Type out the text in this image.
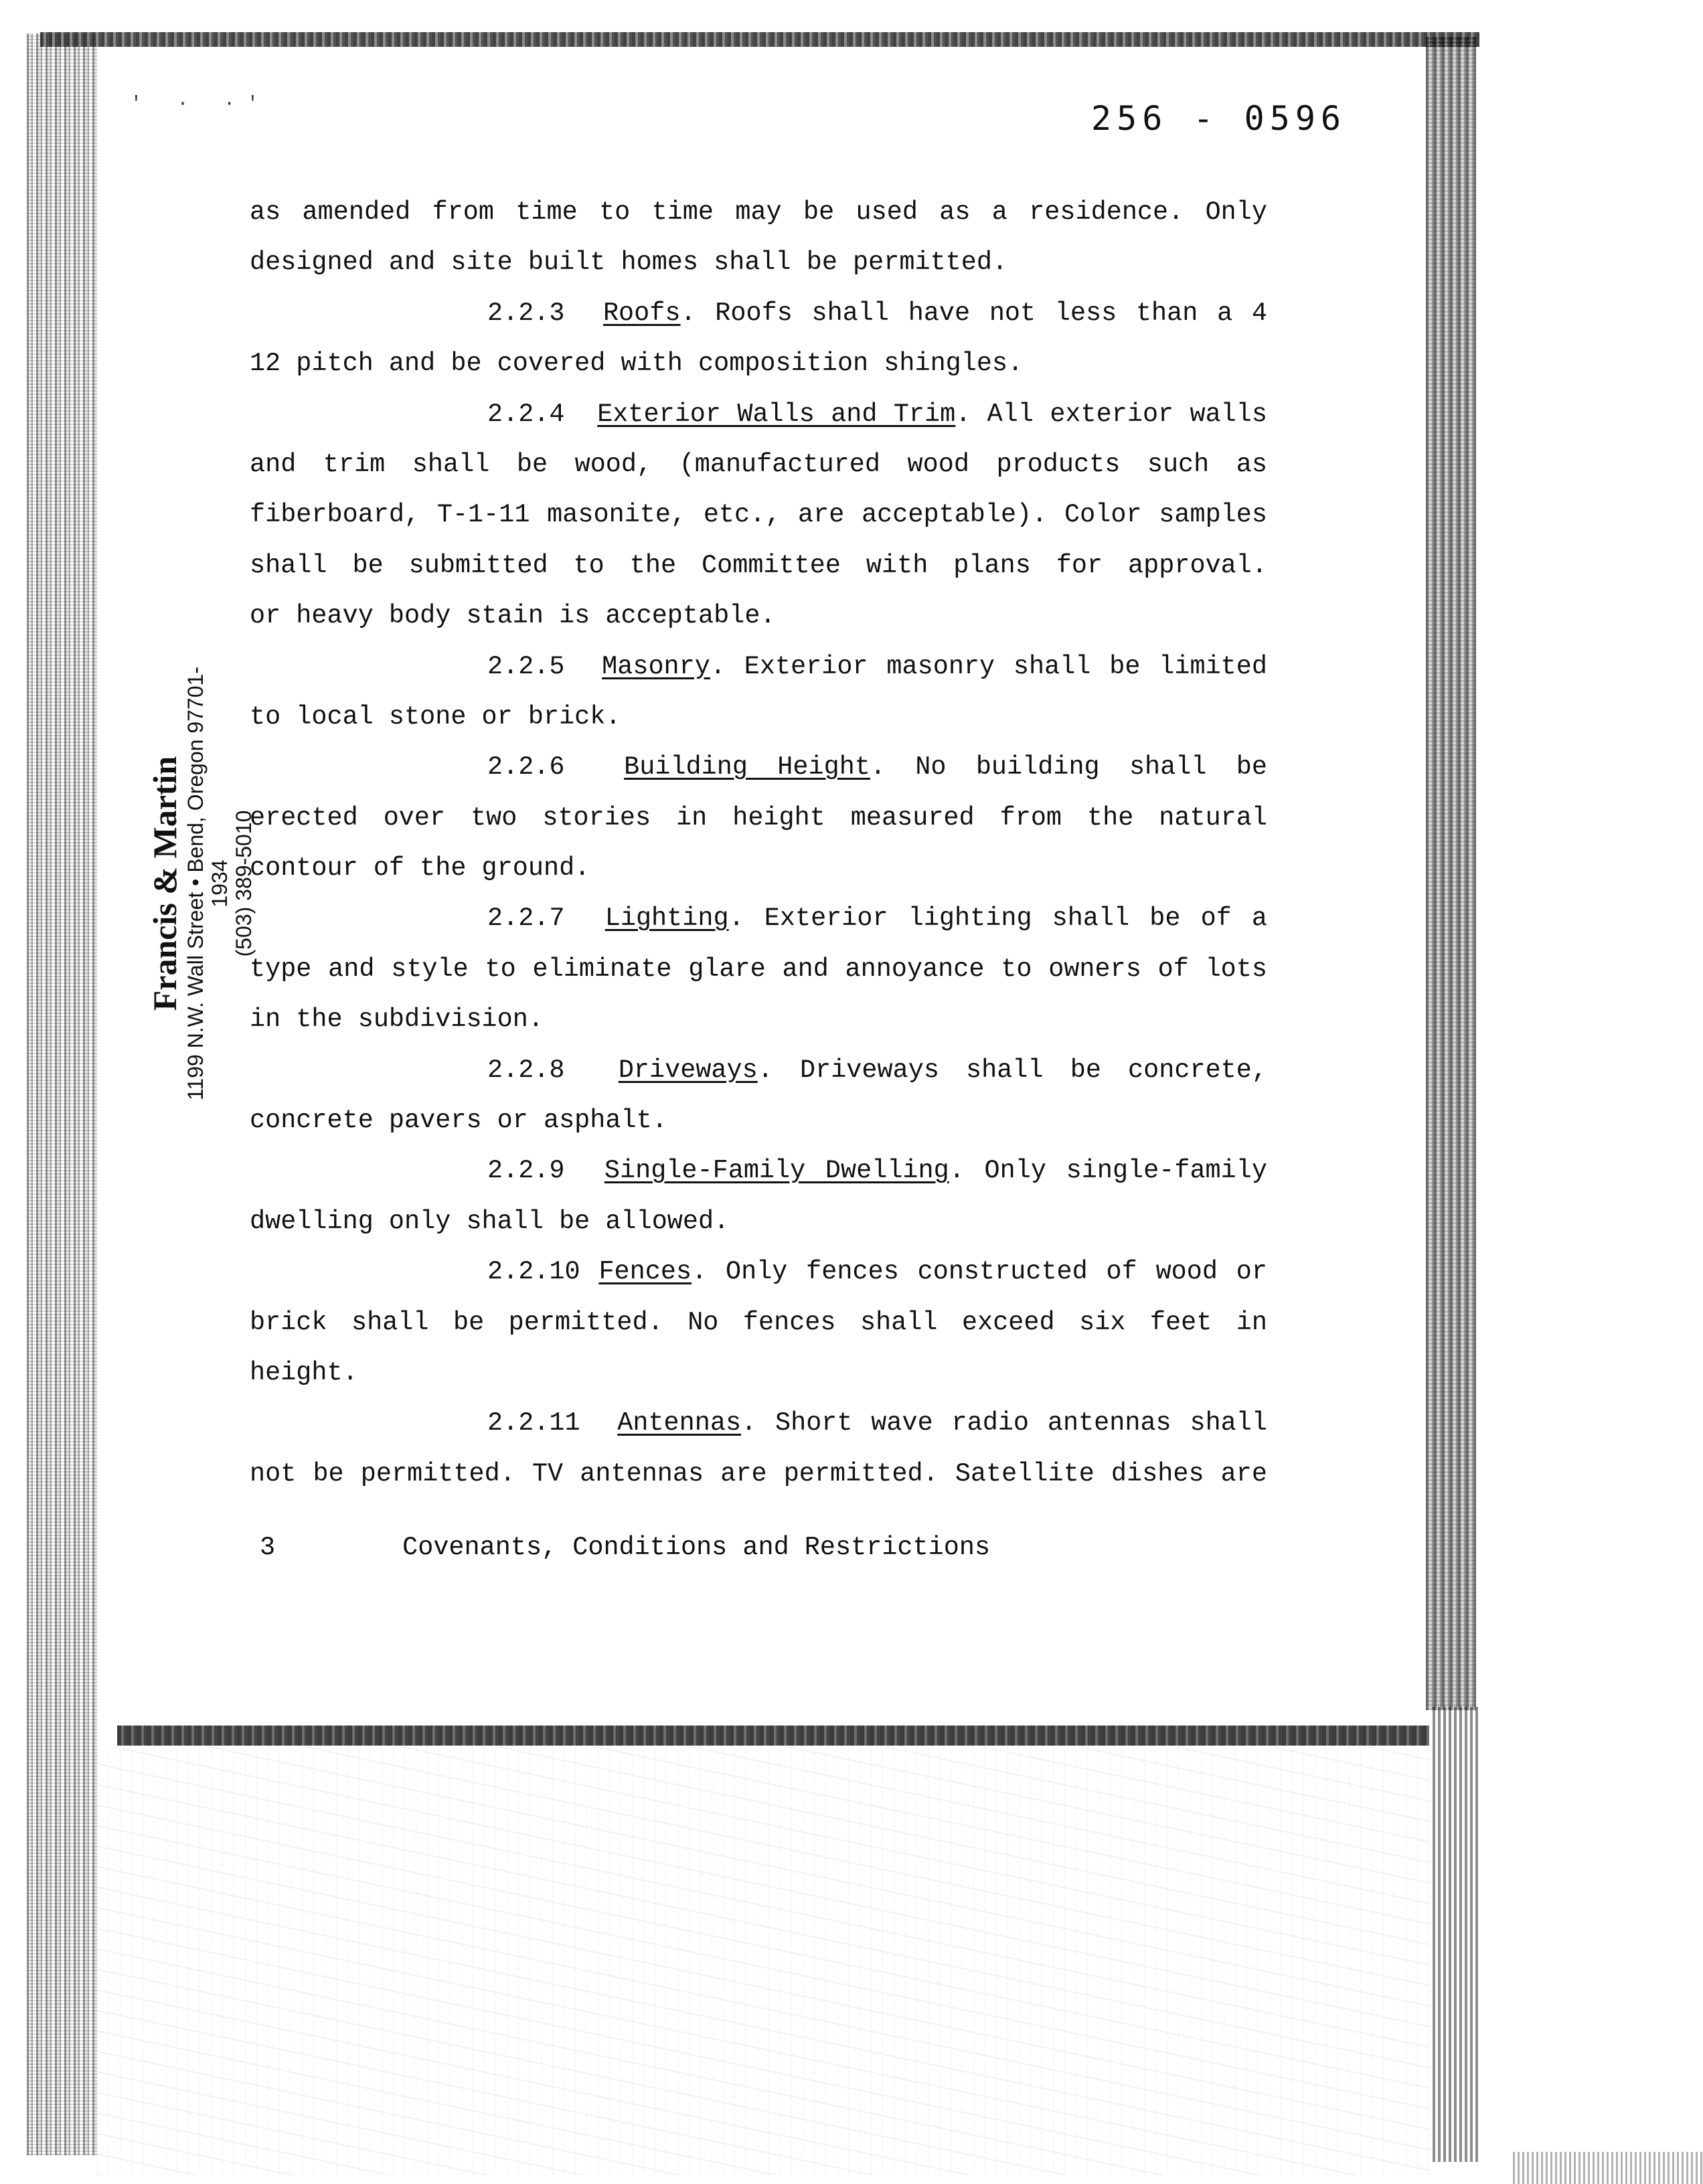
' · ·'	256 - 0596
Francis & Martin 1199 N.W. Wall Street • Bend, Oregon 97701-1934 (503) 389-5010
as amended from time to time may be used as a residence. Only
designed and site built homes shall be permitted.
2.2.3 Roofs. Roofs shall have not less than a 4
12 pitch and be covered with composition shingles.
2.2.4 Exterior Walls and Trim. All exterior walls
and trim shall be wood, (manufactured wood products such as
fiberboard, T-1-11 masonite, etc., are acceptable). Color samples
shall be submitted to the Committee with plans for approval.
or heavy body stain is acceptable.
2.2.5 Masonry. Exterior masonry shall be limited
to local stone or brick.
2.2.6 Building Height. No building shall be
erected over two stories in height measured from the natural
contour of the ground.
2.2.7 Lighting. Exterior lighting shall be of a
type and style to eliminate glare and annoyance to owners of lots
in the subdivision.
2.2.8 Driveways. Driveways shall be concrete,
concrete pavers or asphalt.
2.2.9 Single-Family Dwelling. Only single-family
dwelling only shall be allowed.
2.2.10 Fences. Only fences constructed of wood or
brick shall be permitted. No fences shall exceed six feet in
height.
2.2.11 Antennas. Short wave radio antennas shall
not be permitted. TV antennas are permitted. Satellite dishes are
3	Covenants, Conditions and Restrictions
